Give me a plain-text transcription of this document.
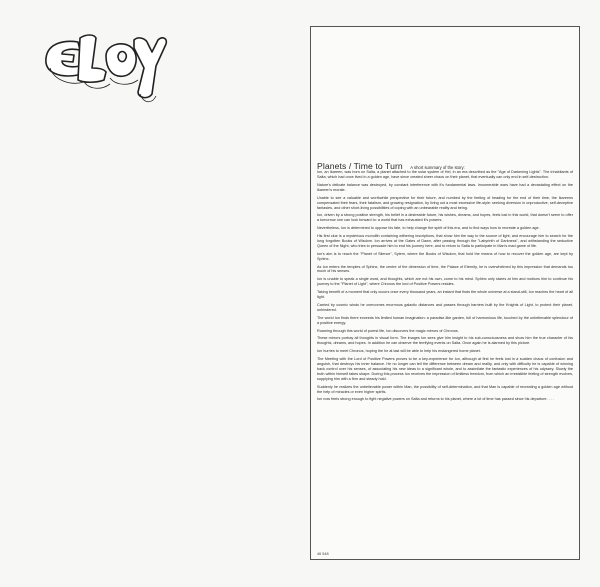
Planets / Time to Turn A short summary of the story:

Ion, an Ikareen, was born on Salta, a planet attached to the solar system of Hel, in an era described as the "Age of Darkening Lights". The inhabitants of Salta, which had once lived in a golden age, have since created sheer chaos on their planet, that eventually can only end in self-destruction.

Nature's delicate balance was destroyed, by constant interference with it's fundamental laws. Innumerable wars have had a devastating effect on the Ikareen's morale.

Unable to see a valuable and worthwhile perspective for their future, and numbed by the feeling of heading for the end of their time, the Ikareens compensated their fears, their fatalism, and growing resignation, by living out a most excessive life-style: seeking diversion in unproductive, self-deceptive fantasies, and other short-living possibilities of coping with an unbearable reality and being.

Ion, driven by a strong positive strength, his belief in a desireable future, his wishes, dreams, and hopes, feels lost in this world, that doesn't seem to offer a tomorrow one can look forward to: a world that has exhausted it's powers.

Nevertheless, Ion is determined to oppose his fate, to help change the spirit of this era, and to find ways how to recreate a golden age.

His first clue is a mysterious monolith containing withering inscriptions, that show him the way to the source of light, and encourage him to search for the long forgotten Books of Wisdom. Ion arrives at the Gates of Dawn, after passing through the "Labyrinth of Darkness", and withstanding the seductive Queen of the Night, who tries to persuade him to end his journey here, and to return to Salta to participate in Man's mad game of life.

Ion's aim is to reach the "Planet of Silence", Sytem, where the Books of Wisdom, that hold the means of how to recover the golden age, are kept by Sphinx.

As Ion enters the temples of Sphinx, the centre of the dimension of time, the Palace of Eternity, he is overwhelmed by this impression that demands too much of his senses.

Ion is unable to speak a single word, and thoughts, which are not his own, come to his mind. Sphinx only stares at him and motions him to continue his journey to the "Planet of Light", where Chronos the lord of Positive Powers resides.

Taking benefit of a moment that only occurs once every thousand years, an instant that finds the whole universe at a stand-still, Ion reaches the heart of all light.

Carried by cosmic winds he overcomes enormous galactic distances and passes through barriers built by the Knights of Light, to protect their planet, unhindered.

The world Ion finds there exceeds his limited human imagination: a paradise-like garden, full of harmonious life, touched by the unbelievable splendour of a positive energy.

Roaming through this world of purest life, Ion discovers the magic mirrors of Chronos.

These mirrors portray all thoughts in visual form. The images Ion sees give him insight to his sub-consciousness and show him the true character of his thoughts, dreams, and hopes. In addition he can observe the terrifying events on Salta. Once again he is alarmed by this picture.

Ion hurries to meet Chronos, hoping the he at last will be able to help his endangered home planet.

The Meeting with the Lord of Positive Powers proves to be a key-experience for Ion, although at first he feels lost in a sudden chaos of confusion and anguish, that destroys his inner balance. He no longer can tell the difference between dream and reality, and only with difficulty he is capable of winning back control over his senses, of associating his new ideas to a significant whole, and to assimilate the fantastic experiences of his odyssey. Slowly the truth within himself takes shape. During this process Ion receives the impression of limitless freedom, from which an irresistible feeling of strength evolves, supplying him with a firm and steady hold.

Suddenly he realizes the unbelievable power within Man, the possibility of self-determination, and that Man is capable of recreating a golden age without the help of miracles or even higher spirits.

Ion now feels strong enough to fight negative powers on Salta and returns to his planet, where a lot of time has passed since his departure. . . .

46 548
